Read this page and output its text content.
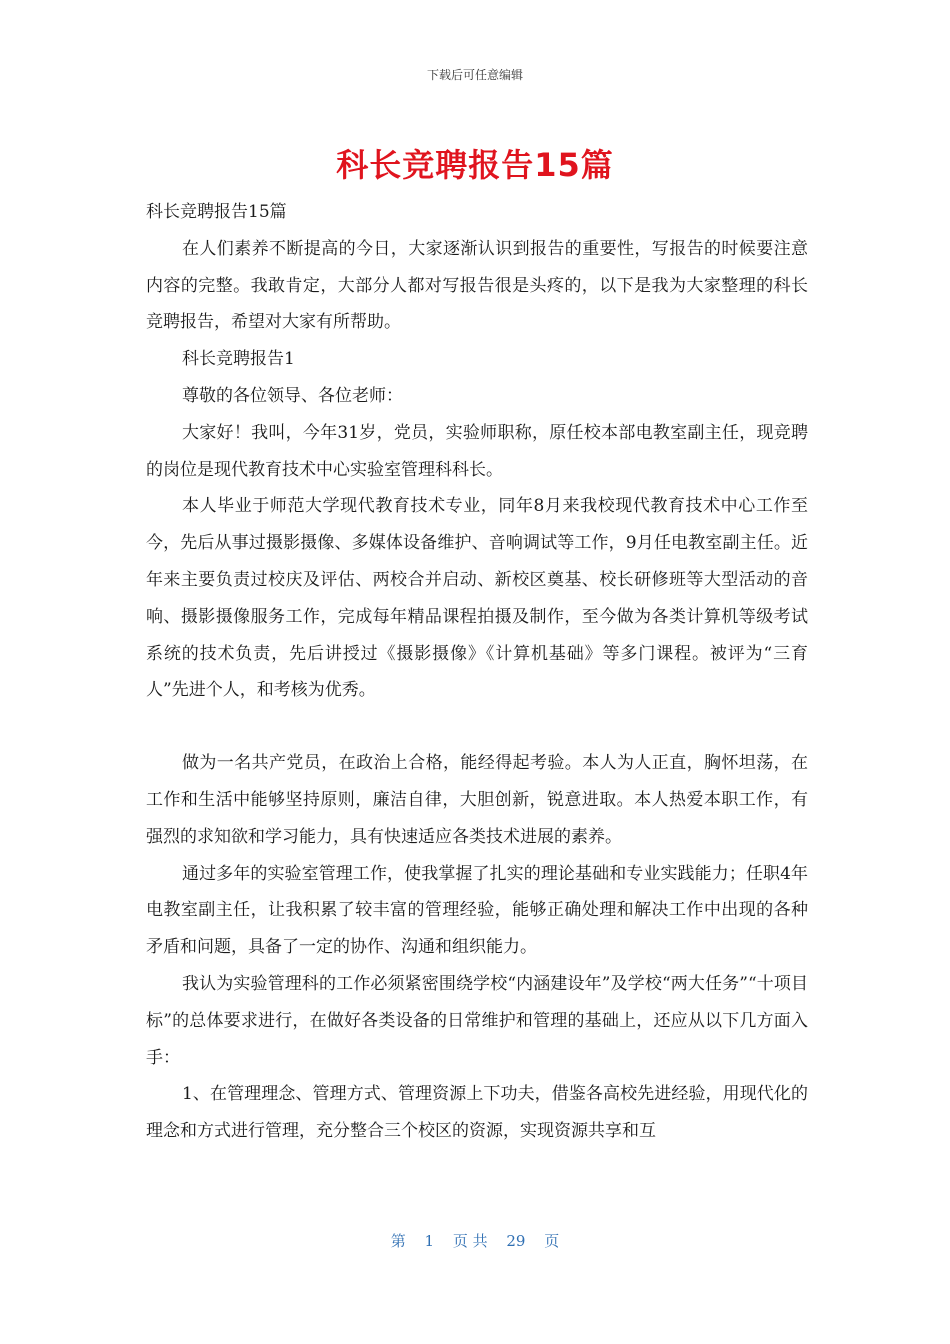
下载后可任意编辑
科长竞聘报告15篇

科长竞聘报告15篇

在人们素养不断提高的今日，大家逐渐认识到报告的重要性，写报告的时候要注意内容的完整。我敢肯定，大部分人都对写报告很是头疼的，以下是我为大家整理的科长竞聘报告，希望对大家有所帮助。

科长竞聘报告1

尊敬的各位领导、各位老师：

大家好！我叫，今年31岁，党员，实验师职称，原任校本部电教室副主任，现竞聘的岗位是现代教育技术中心实验室管理科科长。

本人毕业于师范大学现代教育技术专业，同年8月来我校现代教育技术中心工作至今，先后从事过摄影摄像、多媒体设备维护、音响调试等工作，9月任电教室副主任。近年来主要负责过校庆及评估、两校合并启动、新校区奠基、校长研修班等大型活动的音响、摄影摄像服务工作，完成每年精品课程拍摄及制作，至今做为各类计算机等级考试系统的技术负责，先后讲授过《摄影摄像》《计算机基础》等多门课程。被评为“三育人”先进个人，和考核为优秀。

做为一名共产党员，在政治上合格，能经得起考验。本人为人正直，胸怀坦荡，在工作和生活中能够坚持原则，廉洁自律，大胆创新，锐意进取。本人热爱本职工作，有强烈的求知欲和学习能力，具有快速适应各类技术进展的素养。

通过多年的实验室管理工作，使我掌握了扎实的理论基础和专业实践能力；任职4年电教室副主任，让我积累了较丰富的管理经验，能够正确处理和解决工作中出现的各种矛盾和问题，具备了一定的协作、沟通和组织能力。

我认为实验管理科的工作必须紧密围绕学校“内涵建设年”及学校“两大任务”“十项目标”的总体要求进行，在做好各类设备的日常维护和管理的基础上，还应从以下几方面入手：

1、在管理理念、管理方式、管理资源上下功夫，借鉴各高校先进经验，用现代化的理念和方式进行管理，充分整合三个校区的资源，实现资源共享和互

第 1 页 共 29 页
